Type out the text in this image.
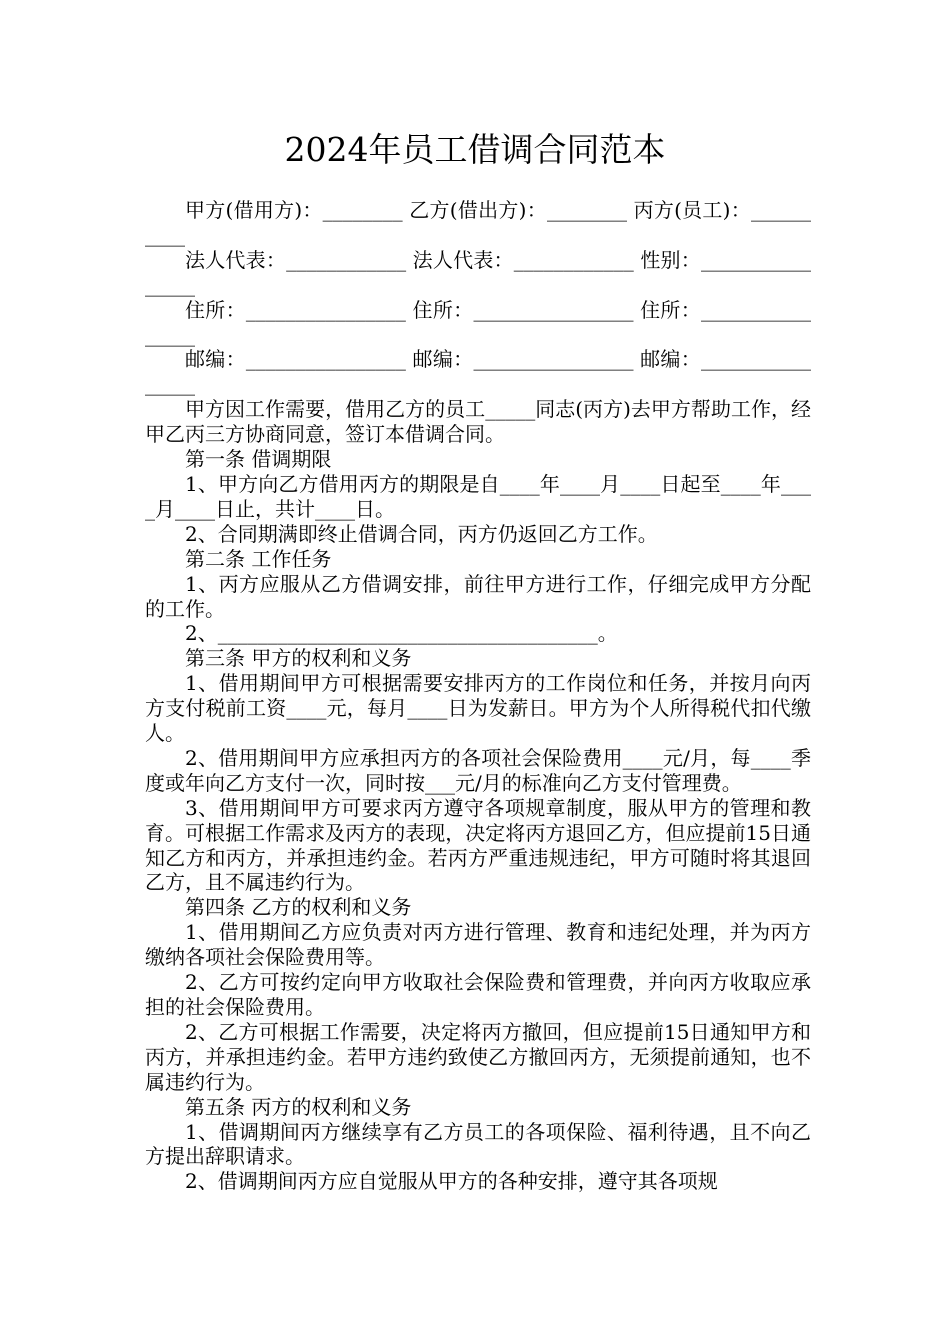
2024年员工借调合同范本

甲方(借用方)：________ 乙方(借出方)：________ 丙方(员工)：__________

法人代表：____________ 法人代表：____________ 性别：________________

住所：________________ 住所：________________ 住所：________________

邮编：________________ 邮编：________________ 邮编：________________

甲方因工作需要，借用乙方的员工_____同志(丙方)去甲方帮助工作，经甲乙丙三方协商同意，签订本借调合同。

第一条 借调期限

1、甲方向乙方借用丙方的期限是自____年____月____日起至____年____月____日止，共计____日。

2、合同期满即终止借调合同，丙方仍返回乙方工作。

第二条 工作任务

1、丙方应服从乙方借调安排，前往甲方进行工作，仔细完成甲方分配的工作。

2、______________________________________。

第三条 甲方的权利和义务

1、借用期间甲方可根据需要安排丙方的工作岗位和任务，并按月向丙方支付税前工资____元，每月____日为发薪日。甲方为个人所得税代扣代缴人。

2、借用期间甲方应承担丙方的各项社会保险费用____元/月，每____季度或年向乙方支付一次，同时按___元/月的标准向乙方支付管理费。

3、借用期间甲方可要求丙方遵守各项规章制度，服从甲方的管理和教育。可根据工作需求及丙方的表现，决定将丙方退回乙方，但应提前15日通知乙方和丙方，并承担违约金。若丙方严重违规违纪，甲方可随时将其退回乙方，且不属违约行为。

第四条 乙方的权利和义务

1、借用期间乙方应负责对丙方进行管理、教育和违纪处理，并为丙方缴纳各项社会保险费用等。

2、乙方可按约定向甲方收取社会保险费和管理费，并向丙方收取应承担的社会保险费用。

2、乙方可根据工作需要，决定将丙方撤回，但应提前15日通知甲方和丙方，并承担违约金。若甲方违约致使乙方撤回丙方，无须提前通知，也不属违约行为。

第五条 丙方的权利和义务

1、借调期间丙方继续享有乙方员工的各项保险、福利待遇，且不向乙方提出辞职请求。

2、借调期间丙方应自觉服从甲方的各种安排，遵守其各项规
